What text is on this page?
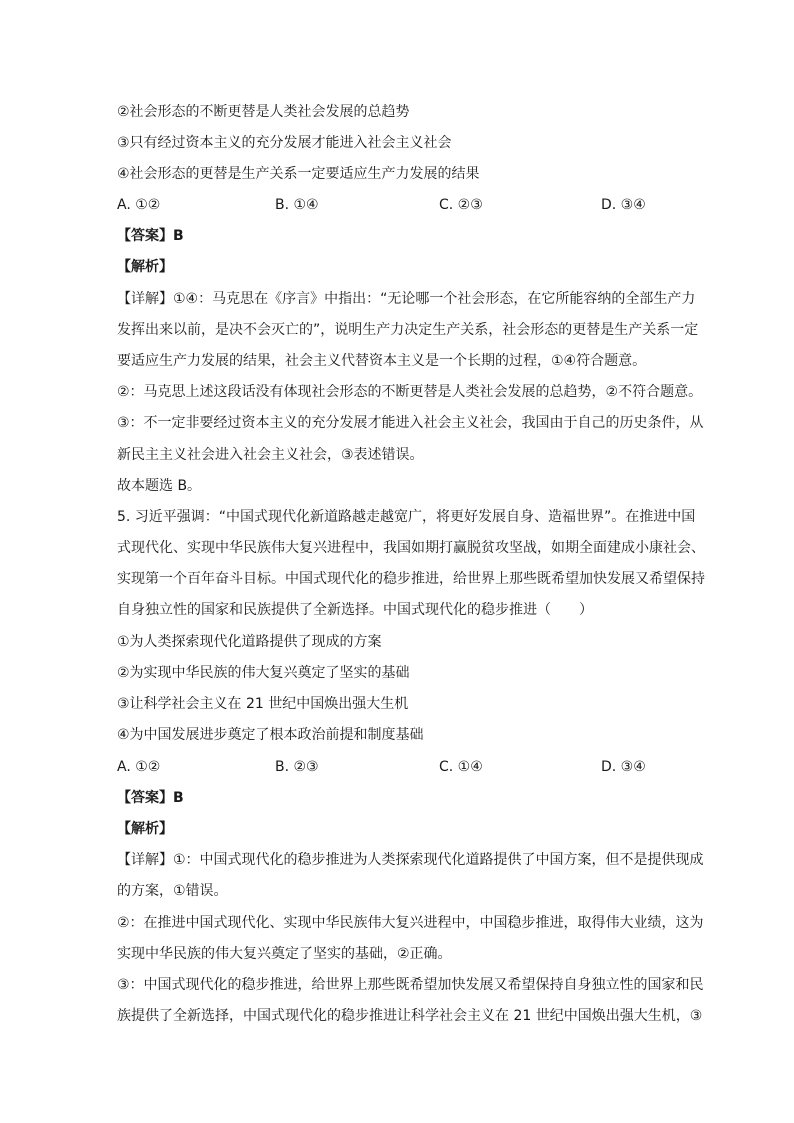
②社会形态的不断更替是人类社会发展的总趋势
③只有经过资本主义的充分发展才能进入社会主义社会
④社会形态的更替是生产关系一定要适应生产力发展的结果
A. ①②	B. ①④	C. ②③	D. ③④
【答案】B
【解析】
【详解】①④：马克思在《序言》中指出：“无论哪一个社会形态，在它所能容纳的全部生产力
发挥出来以前，是决不会灭亡的”，说明生产力决定生产关系，社会形态的更替是生产关系一定
要适应生产力发展的结果，社会主义代替资本主义是一个长期的过程，①④符合题意。
②：马克思上述这段话没有体现社会形态的不断更替是人类社会发展的总趋势，②不符合题意。
③：不一定非要经过资本主义的充分发展才能进入社会主义社会，我国由于自己的历史条件，从
新民主主义社会进入社会主义社会，③表述错误。
故本题选 B。
5. 习近平强调：“中国式现代化新道路越走越宽广，将更好发展自身、造福世界”。在推进中国
式现代化、实现中华民族伟大复兴进程中，我国如期打赢脱贫攻坚战，如期全面建成小康社会、
实现第一个百年奋斗目标。中国式现代化的稳步推进，给世界上那些既希望加快发展又希望保持
自身独立性的国家和民族提供了全新选择。中国式现代化的稳步推进（　　）
①为人类探索现代化道路提供了现成的方案
②为实现中华民族的伟大复兴奠定了坚实的基础
③让科学社会主义在 21 世纪中国焕出强大生机
④为中国发展进步奠定了根本政治前提和制度基础
A. ①②	B. ②③	C. ①④	D. ③④
【答案】B
【解析】
【详解】①：中国式现代化的稳步推进为人类探索现代化道路提供了中国方案，但不是提供现成
的方案，①错误。
②：在推进中国式现代化、实现中华民族伟大复兴进程中，中国稳步推进，取得伟大业绩，这为
实现中华民族的伟大复兴奠定了坚实的基础，②正确。
③：中国式现代化的稳步推进，给世界上那些既希望加快发展又希望保持自身独立性的国家和民
族提供了全新选择，中国式现代化的稳步推进让科学社会主义在 21 世纪中国焕出强大生机，③
